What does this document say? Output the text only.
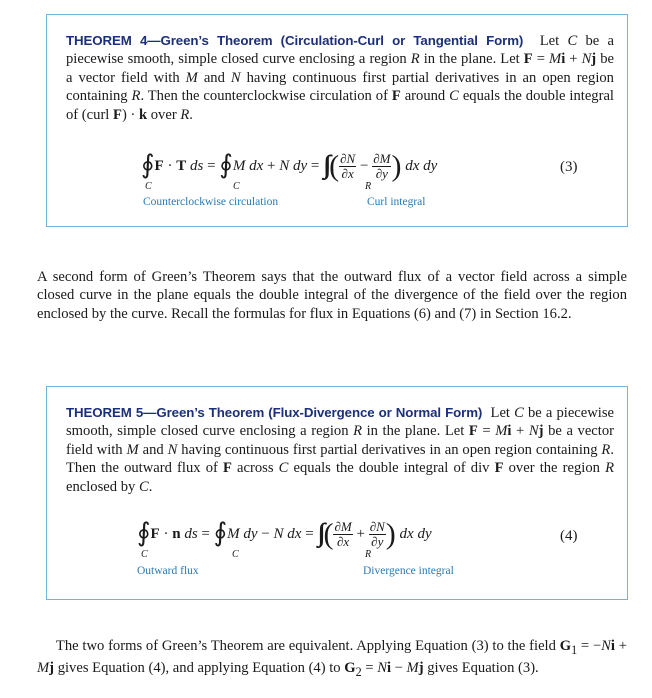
THEOREM 4—Green’s Theorem (Circulation-Curl or Tangential Form) Let C be a piecewise smooth, simple closed curve enclosing a region R in the plane. Let F = Mi + Nj be a vector field with M and N having continuous first partial derivatives in an open region containing R. Then the counterclockwise circulation of F around C equals the double integral of (curl F) · k over R.
∮F · T ds = ∮M dx + N dy = ∫∫ ( $\frac{\partial N}{\partial x} - \frac{\partial M}{\partial y}$ ) dx dy
C	C	R
(3)
Counterclockwise circulation	Curl integral
A second form of Green’s Theorem says that the outward flux of a vector field across a simple closed curve in the plane equals the double integral of the divergence of the field over the region enclosed by the curve. Recall the formulas for flux in Equations (6) and (7) in Section 16.2.
THEOREM 5—Green’s Theorem (Flux-Divergence or Normal Form) Let C be a piecewise smooth, simple closed curve enclosing a region R in the plane. Let F = Mi + Nj be a vector field with M and N having continuous first partial derivatives in an open region containing R. Then the outward flux of F across C equals the double integral of div F over the region R enclosed by C.
∮F · n ds = ∮M dy − N dx = ∫∫ ( $\frac{\partial M}{\partial x} + \frac{\partial N}{\partial y}$ ) dx dy
C	C	R
(4)
Outward flux	Divergence integral
The two forms of Green’s Theorem are equivalent. Applying Equation (3) to the field $G_1 = -Ni + Mj$ gives Equation (4), and applying Equation (4) to $G_2 = Ni - Mj$ gives Equation (3).
